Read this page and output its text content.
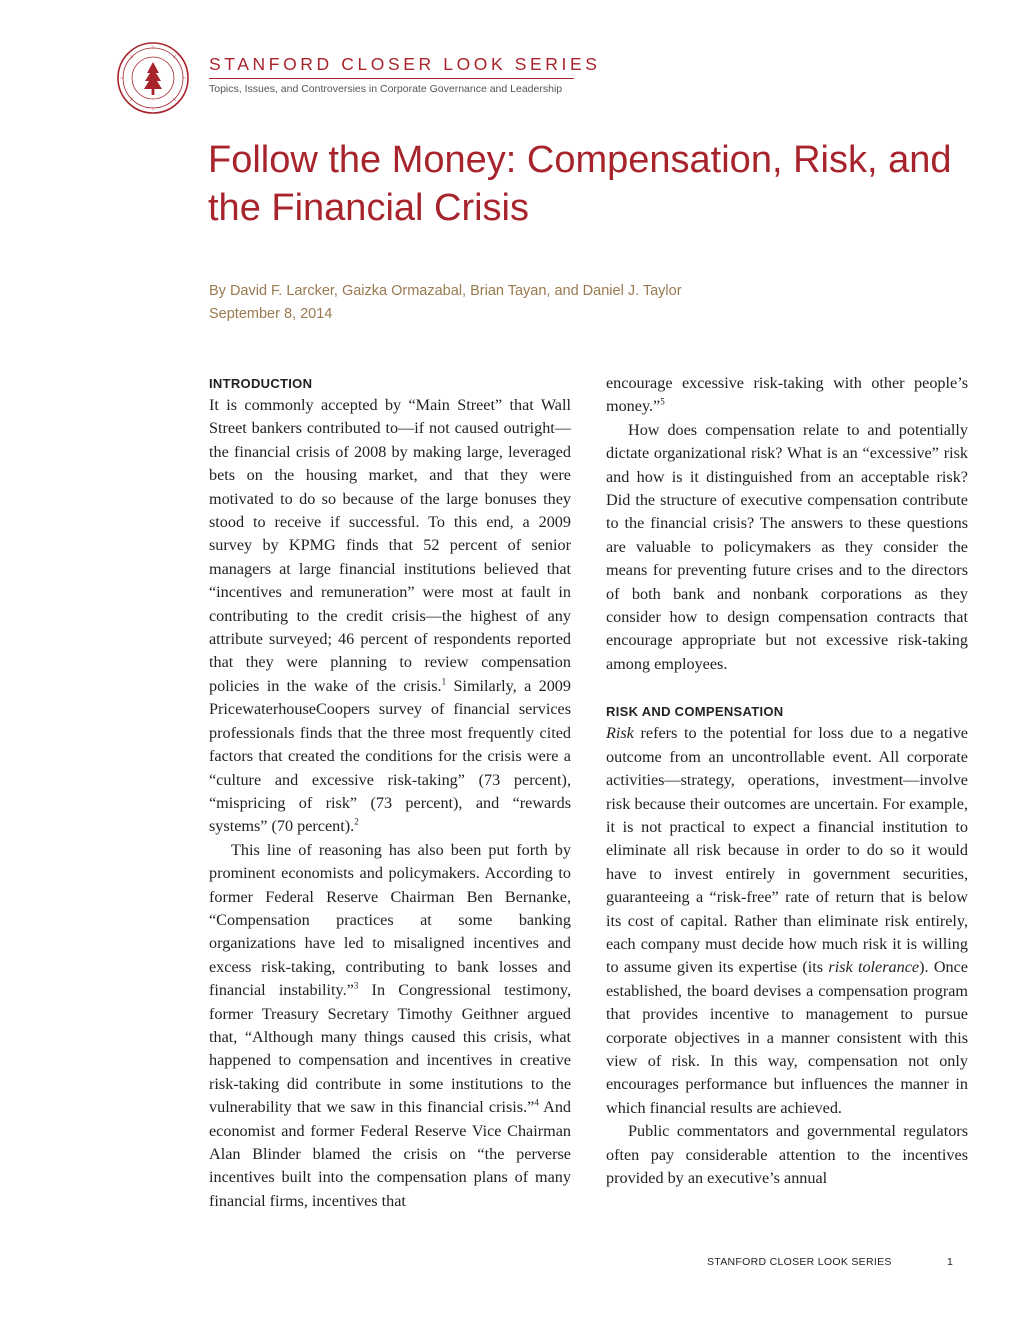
STANFORD CLOSER LOOK SERIES
Topics, Issues, and Controversies in Corporate Governance and Leadership
Follow the Money: Compensation, Risk, and the Financial Crisis
By David F. Larcker, Gaizka Ormazabal, Brian Tayan, and Daniel J. Taylor
September 8, 2014
INTRODUCTION

It is commonly accepted by “Main Street” that Wall Street bankers contributed to—if not caused outright—the financial crisis of 2008 by making large, leveraged bets on the housing market, and that they were motivated to do so because of the large bonuses they stood to receive if successful. To this end, a 2009 survey by KPMG finds that 52 percent of senior managers at large financial institutions believed that “incentives and remuneration” were most at fault in contributing to the credit crisis—the highest of any attribute surveyed; 46 percent of respondents reported that they were planning to review compensation policies in the wake of the crisis.$^1$ Similarly, a 2009 PricewaterhouseCoopers survey of financial services professionals finds that the three most frequently cited factors that created the conditions for the crisis were a “culture and excessive risk-taking” (73 percent), “mispricing of risk” (73 percent), and “rewards systems” (70 percent).$^2$

This line of reasoning has also been put forth by prominent economists and policymakers. According to former Federal Reserve Chairman Ben Bernanke, “Compensation practices at some banking organizations have led to misaligned incentives and excess risk-taking, contributing to bank losses and financial instability.”$^3$ In Congressional testimony, former Treasury Secretary Timothy Geithner argued that, “Although many things caused this crisis, what happened to compensation and incentives in creative risk-taking did contribute in some institutions to the vulnerability that we saw in this financial crisis.”$^4$ And economist and former Federal Reserve Vice Chairman Alan Blinder blamed the crisis on “the perverse incentives built into the compensation plans of many financial firms, incentives that

encourage excessive risk-taking with other people’s money.”$^5$

How does compensation relate to and potentially dictate organizational risk? What is an “excessive” risk and how is it distinguished from an acceptable risk? Did the structure of executive compensation contribute to the financial crisis? The answers to these questions are valuable to policymakers as they consider the means for preventing future crises and to the directors of both bank and nonbank corporations as they consider how to design compensation contracts that encourage appropriate but not excessive risk-taking among employees.

RISK AND COMPENSATION

Risk refers to the potential for loss due to a negative outcome from an uncontrollable event. All corporate activities—strategy, operations, investment—involve risk because their outcomes are uncertain. For example, it is not practical to expect a financial institution to eliminate all risk because in order to do so it would have to invest entirely in government securities, guaranteeing a “risk-free” rate of return that is below its cost of capital. Rather than eliminate risk entirely, each company must decide how much risk it is willing to assume given its expertise (its risk tolerance). Once established, the board devises a compensation program that provides incentive to management to pursue corporate objectives in a manner consistent with this view of risk. In this way, compensation not only encourages performance but influences the manner in which financial results are achieved.

Public commentators and governmental regulators often pay considerable attention to the incentives provided by an executive’s annual

STANFORD CLOSER LOOK SERIES	1
